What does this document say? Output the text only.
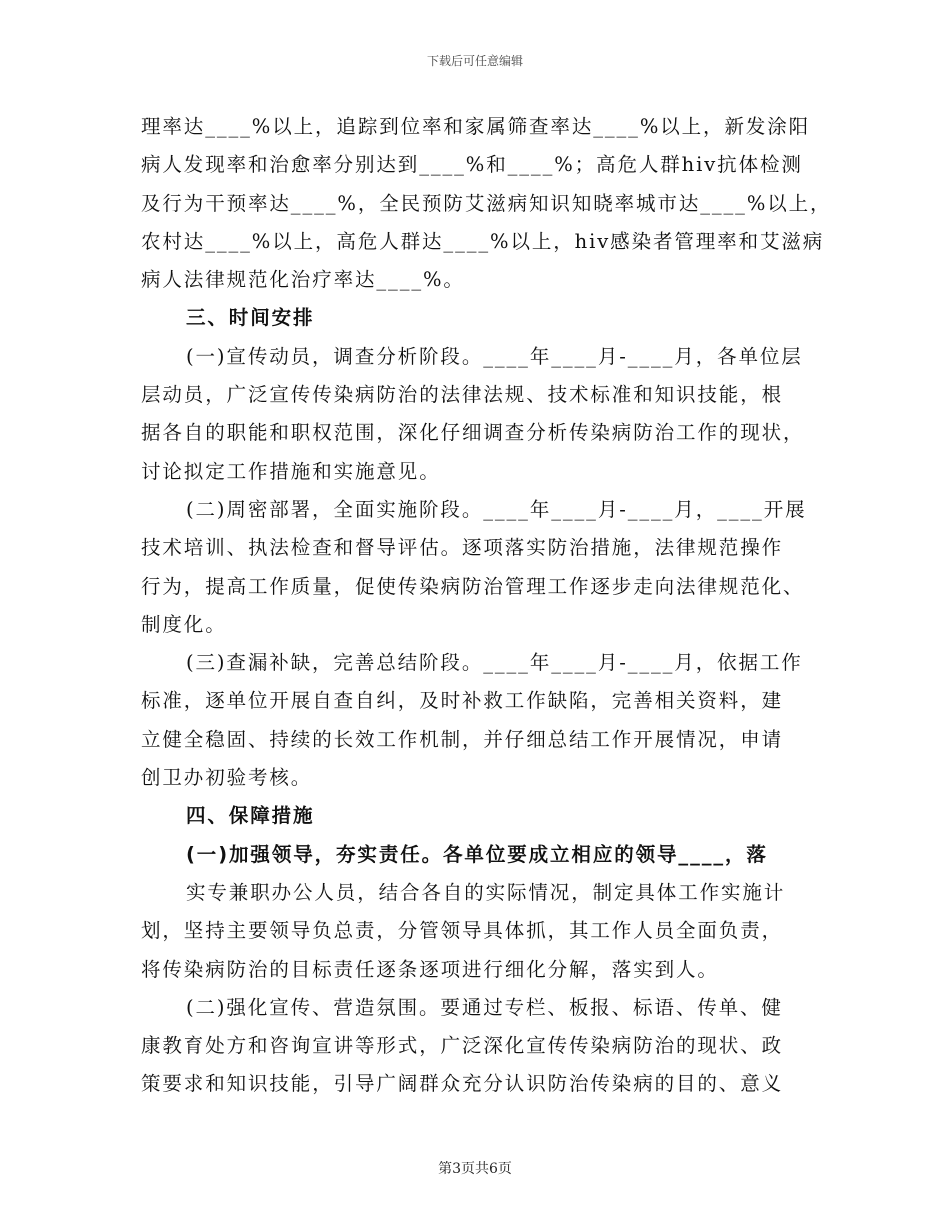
下载后可任意编辑

理率达____%以上，追踪到位率和家属筛查率达____%以上，新发涂阳

病人发现率和治愈率分别达到____%和____%；高危人群hiv抗体检测

及行为干预率达____%，全民预防艾滋病知识知晓率城市达____%以上，

农村达____%以上，高危人群达____%以上，hiv感染者管理率和艾滋病

病人法律规范化治疗率达____%。

三、时间安排

(一)宣传动员，调查分析阶段。____年____月-____月，各单位层

层动员，广泛宣传传染病防治的法律法规、技术标准和知识技能，根

据各自的职能和职权范围，深化仔细调查分析传染病防治工作的现状，

讨论拟定工作措施和实施意见。

(二)周密部署，全面实施阶段。____年____月-____月，____开展

技术培训、执法检查和督导评估。逐项落实防治措施，法律规范操作

行为，提高工作质量，促使传染病防治管理工作逐步走向法律规范化、

制度化。

(三)查漏补缺，完善总结阶段。____年____月-____月，依据工作

标准，逐单位开展自查自纠，及时补救工作缺陷，完善相关资料，建

立健全稳固、持续的长效工作机制，并仔细总结工作开展情况，申请

创卫办初验考核。

四、保障措施

(一)加强领导，夯实责任。各单位要成立相应的领导____，落

实专兼职办公人员，结合各自的实际情况，制定具体工作实施计

划，坚持主要领导负总责，分管领导具体抓，其工作人员全面负责，

将传染病防治的目标责任逐条逐项进行细化分解，落实到人。

(二)强化宣传、营造氛围。要通过专栏、板报、标语、传单、健

康教育处方和咨询宣讲等形式，广泛深化宣传传染病防治的现状、政

策要求和知识技能，引导广阔群众充分认识防治传染病的目的、意义

第3页共6页
